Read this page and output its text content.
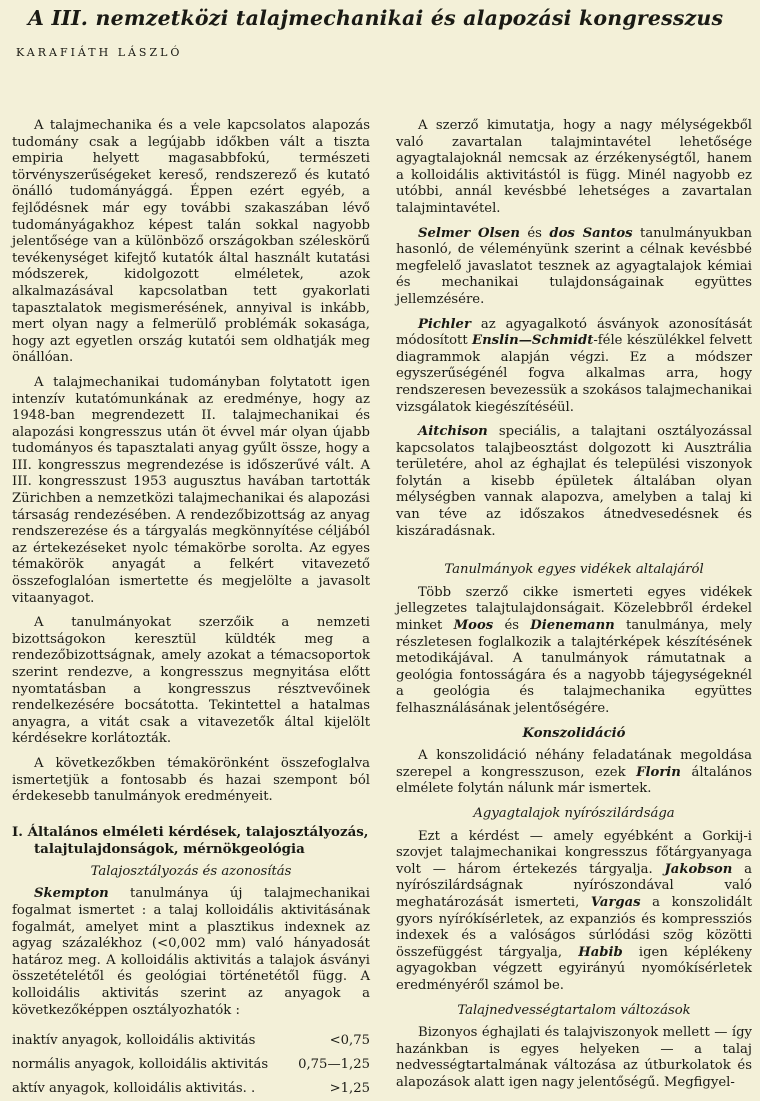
A III. nemzetközi talajmechanikai és alapozási kongresszus
KARAFIÁTH LÁSZLÓ

A talajmechanika és a vele kapcsolatos alapozás tudomány csak a legújabb időkben vált a tiszta empiria helyett magasabbfokú, természeti törvényszerűségeket kereső, rendszerező és kutató önálló tudományággá. Éppen ezért egyéb, a fejlődésnek már egy további szakaszában lévő tudományágakhoz képest talán sokkal nagyobb jelentősége van a különböző országokban széleskörű tevékenységet kifejtő kutatók által használt kutatási módszerek, kidolgozott elméletek, azok alkalmazásával kapcsolatban tett gyakorlati tapasztalatok megismerésének, annyival is inkább, mert olyan nagy a felmerülő problémák sokasága, hogy azt egyetlen ország kutatói sem oldhatják meg önállóan.

A talajmechanikai tudományban folytatott igen intenzív kutatómunkának az eredménye, hogy az 1948-ban megrendezett II. talajmechanikai és alapozási kongresszus után öt évvel már olyan újabb tudományos és tapasztalati anyag gyűlt össze, hogy a III. kongresszus megrendezése is időszerűvé vált. A III. kongresszust 1953 augusztus havában tartották Zürichben a nemzetközi talajmechanikai és alapozási társaság rendezésében. A rendezőbizottság az anyag rendszerezése és a tárgyalás megkönnyítése céljából az értekezéseket nyolc témakörbe sorolta. Az egyes témakörök anyagát a felkért vitavezető összefoglalóan ismertette és megjelölte a javasolt vitaanyagot.

A tanulmányokat szerzőik a nemzeti bizottságokon keresztül küldték meg a rendezőbizottságnak, amely azokat a témacsoportok szerint rendezve, a kongresszus megnyitása előtt nyomtatásban a kongresszus résztvevőinek rendelkezésére bocsátotta. Tekintettel a hatalmas anyagra, a vitát csak a vitavezetők által kijelölt kérdésekre korlátozták.

A következőkben témakörönként összefoglalva ismertetjük a fontosabb és hazai szempont ból érdekesebb tanulmányok eredményeit.

I. Általános elméleti kérdések, talajosztályozás, talajtulajdonságok, mérnökgeológia
Talajosztályozás és azonosítás

Skempton tanulmánya új talajmechanikai fogalmat ismertet : a talaj kolloidális aktivitásának fogalmát, amelyet mint a plasztikus indexnek az agyag százalékhoz (<0,002 mm) való hányadosát határoz meg. A kolloidális aktivitás a talajok ásványi összetételétől és geológiai történetétől függ. A kolloidális aktivitás szerint az anyagok a következőképpen osztályozhatók :

inaktív anyagok, kolloidális aktivitás	<0,75
normális anyagok, kolloidális aktivitás	0,75—1,25
aktív anyagok, kolloidális aktivitás. .	>1,25

A szerző kimutatja, hogy a nagy mélységekből való zavartalan talajmintavétel lehetősége agyagtalajoknál nemcsak az érzékenységtől, hanem a kolloidális aktivitástól is függ. Minél nagyobb ez utóbbi, annál kevésbbé lehetséges a zavartalan talajmintavétel.

Selmer Olsen és dos Santos tanulmányukban hasonló, de véleményünk szerint a célnak kevésbbé megfelelő javaslatot tesznek az agyagtalajok kémiai és mechanikai tulajdonságainak együttes jellemzésére.

Pichler az agyagalkotó ásványok azonosítását módosított Enslin—Schmidt-féle készülékkel felvett diagrammok alapján végzi. Ez a módszer egyszerűségénél fogva alkalmas arra, hogy rendszeresen bevezessük a szokásos talajmechanikai vizsgálatok kiegészítéséül.

Aitchison speciális, a talajtani osztályozással kapcsolatos talajbeosztást dolgozott ki Ausztrália területére, ahol az éghajlat és települési viszonyok folytán a kisebb épületek általában olyan mélységben vannak alapozva, amelyben a talaj ki van téve az időszakos átnedvesedésnek és kiszáradásnak.

Tanulmányok egyes vidékek altalajáról

Több szerző cikke ismerteti egyes vidékek jellegzetes talajtulajdonságait. Közelebbről érdekel minket Moos és Dienemann tanulmánya, mely részletesen foglalkozik a talajtérképek készítésének metodikájával. A tanulmányok rámutatnak a geológia fontosságára és a nagyobb tájegységeknél a geológia és talajmechanika együttes felhasználásának jelentőségére.

Konszolidáció

A konszolidáció néhány feladatának megoldása szerepel a kongresszuson, ezek Florin általános elmélete folytán nálunk már ismertek.

Agyagtalajok nyírószilárdsága

Ezt a kérdést — amely egyébként a Gorkij-i szovjet talajmechanikai kongresszus főtárgyanyaga volt — három értekezés tárgyalja. Jakobson a nyírószilárdságnak nyírószondával való meghatározását ismerteti, Vargas a konszolidált gyors nyírókísérletek, az expanziós és kompressziós indexek és a valóságos súrlódási szög közötti összefüggést tárgyalja, Habib igen képlékeny agyagokban végzett egyirányú nyomókísérletek eredményéről számol be.

Talajnedvességtartalom változások

Bizonyos éghajlati és talajviszonyok mellett — így hazánkban is egyes helyeken — a talaj nedvességtartalmának változása az útburkolatok és alapozások alatt igen nagy jelentőségű. Megfigyel-
